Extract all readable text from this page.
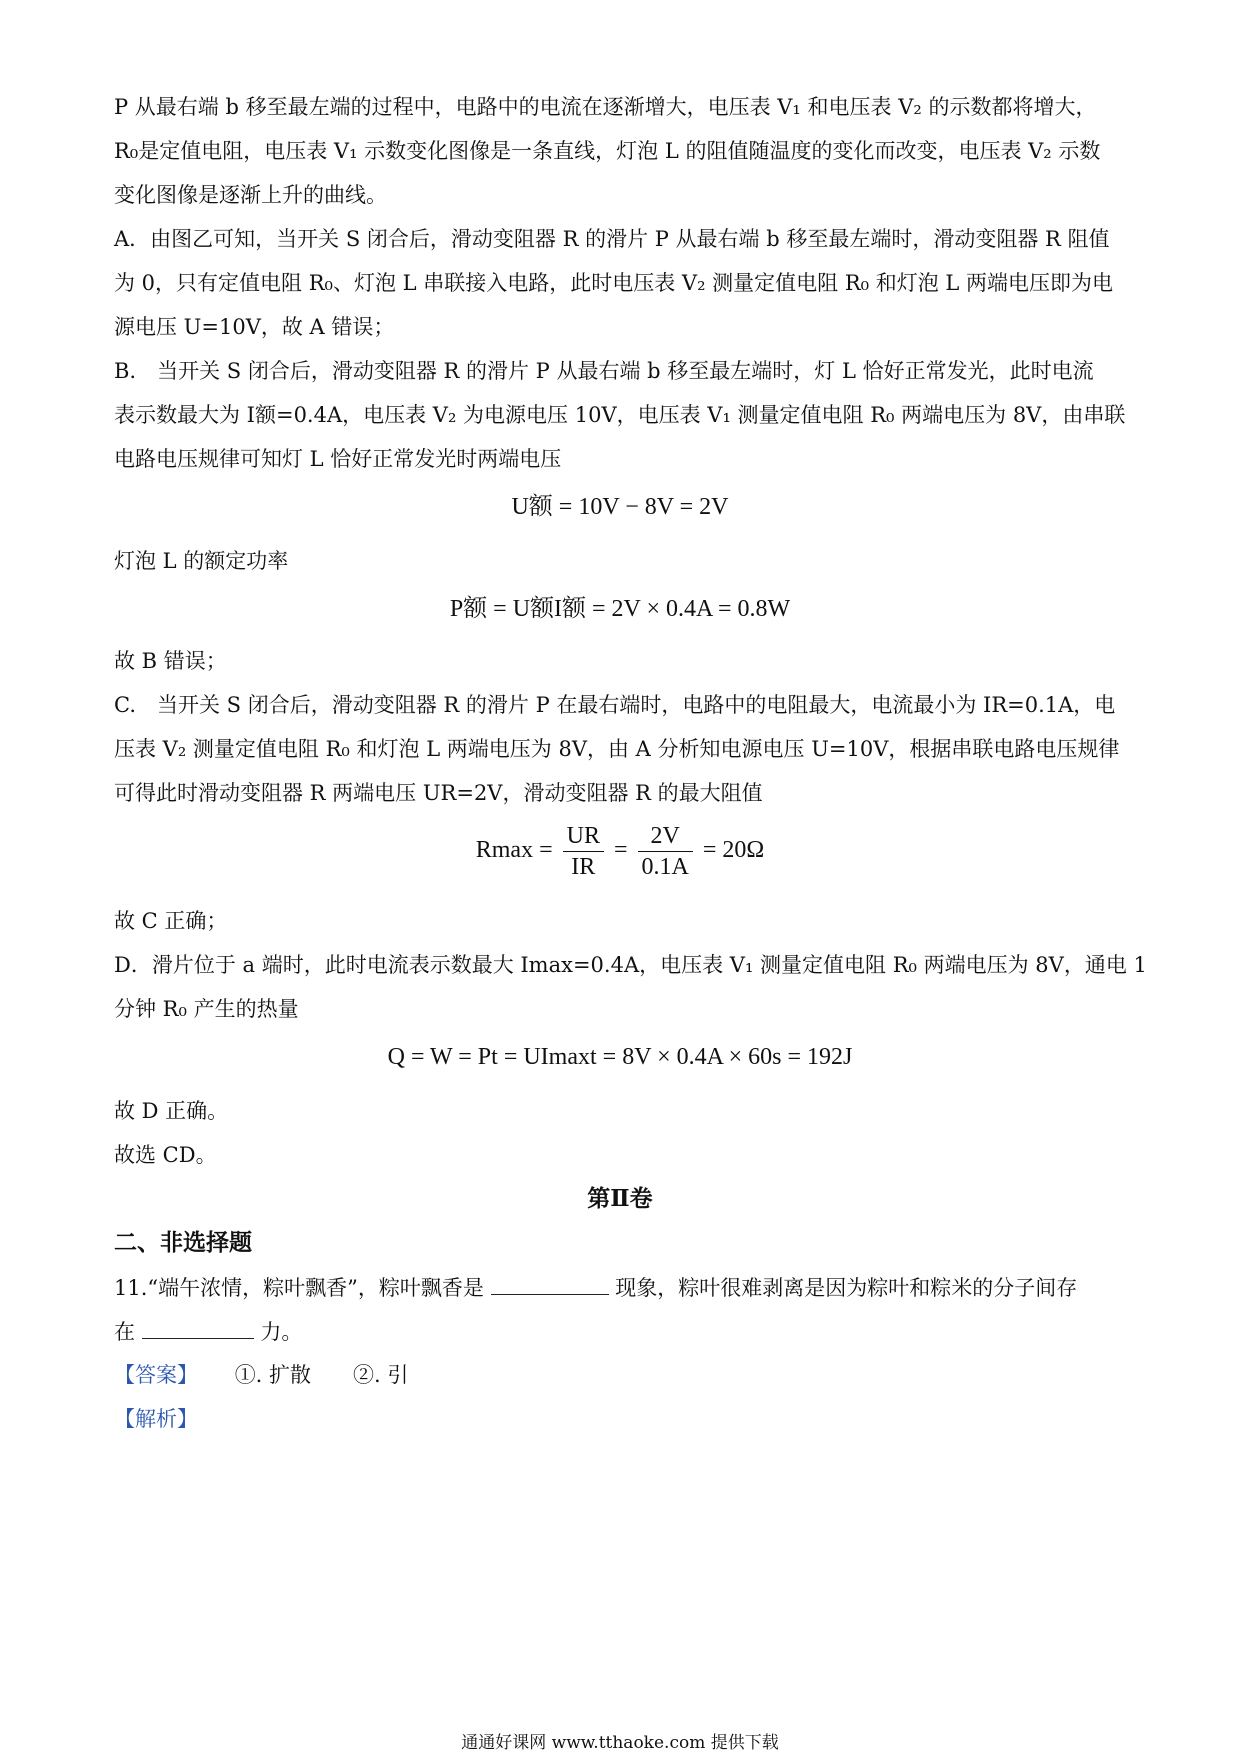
P 从最右端 b 移至最左端的过程中，电路中的电流在逐渐增大，电压表 V₁ 和电压表 V₂ 的示数都将增大，
R₀是定值电阻，电压表 V₁ 示数变化图像是一条直线，灯泡 L 的阻值随温度的变化而改变，电压表 V₂ 示数
变化图像是逐渐上升的曲线。
A．由图乙可知，当开关 S 闭合后，滑动变阻器 R 的滑片 P 从最右端 b 移至最左端时，滑动变阻器 R 阻值
为 0，只有定值电阻 R₀、灯泡 L 串联接入电路，此时电压表 V₂ 测量定值电阻 R₀ 和灯泡 L 两端电压即为电
源电压 U=10V，故 A 错误；
B.　当开关 S 闭合后，滑动变阻器 R 的滑片 P 从最右端 b 移至最左端时，灯 L 恰好正常发光，此时电流
表示数最大为 I额=0.4A，电压表 V₂ 为电源电压 10V，电压表 V₁ 测量定值电阻 R₀ 两端电压为 8V，由串联
电路电压规律可知灯 L 恰好正常发光时两端电压
U额 = 10V − 8V = 2V
灯泡 L 的额定功率
P额 = U额I额 = 2V × 0.4A = 0.8W
故 B 错误；
C.　当开关 S 闭合后，滑动变阻器 R 的滑片 P 在最右端时，电路中的电阻最大，电流最小为 IR=0.1A，电
压表 V₂ 测量定值电阻 R₀ 和灯泡 L 两端电压为 8V，由 A 分析知电源电压 U=10V，根据串联电路电压规律
可得此时滑动变阻器 R 两端电压 UR=2V，滑动变阻器 R 的最大阻值
$Rmax = \frac{UR}{IR} = \frac{2V}{0.1A} = 20\Omega$
故 C 正确；
D．滑片位于 a 端时，此时电流表示数最大 Imax=0.4A，电压表 V₁ 测量定值电阻 R₀ 两端电压为 8V，通电 1
分钟 R₀ 产生的热量
Q = W = Pt = UImaxt = 8V × 0.4A × 60s = 192J
故 D 正确。
故选 CD。
第Ⅱ卷
二、非选择题
11.“端午浓情，粽叶飘香”，粽叶飘香是	现象，粽叶很难剥离是因为粽叶和粽米的分子间存
在	力。
【答案】 ①. 扩散　　②. 引
【解析】
通通好课网 www.tthaoke.com 提供下载
